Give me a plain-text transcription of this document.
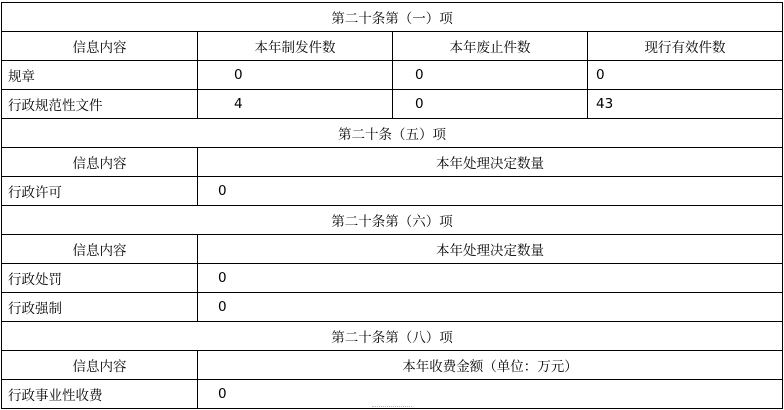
第二十条第（一）项			
信息内容	本年制发件数	本年废止件数	现行有效件数
规章	0	0	0
行政规范性文件	4	0	43
第二十条（五）项			
信息内容	本年处理决定数量		
行政许可	0		
第二十条第（六）项			
信息内容	本年处理决定数量		
行政处罚	0		
行政强制	0		
第二十条第（八）项			
信息内容	本年收费金额（单位：万元）		
行政事业性收费	0		
